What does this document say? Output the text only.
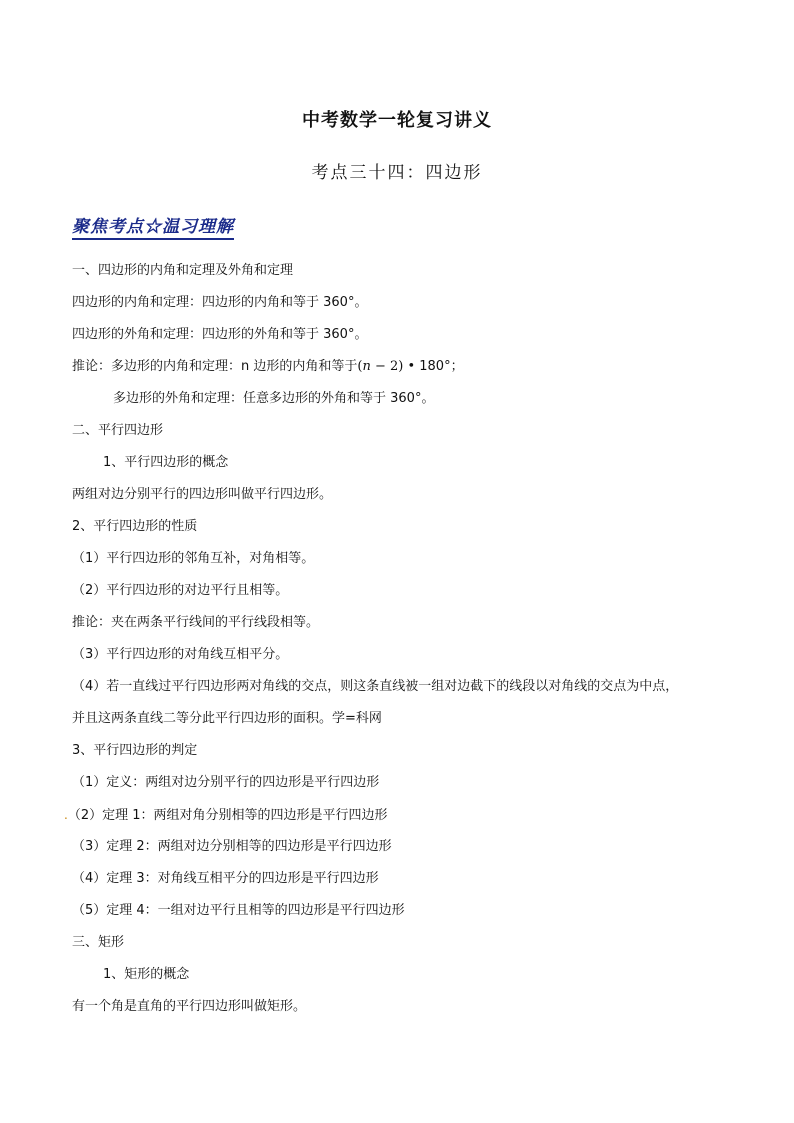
中考数学一轮复习讲义
考点三十四：四边形
聚焦考点☆温习理解
一、四边形的内角和定理及外角和定理
四边形的内角和定理：四边形的内角和等于 360°。
四边形的外角和定理：四边形的外角和等于 360°。
推论：多边形的内角和定理：n 边形的内角和等于(n − 2) • 180°；
多边形的外角和定理：任意多边形的外角和等于 360°。
二、平行四边形
1、平行四边形的概念
两组对边分别平行的四边形叫做平行四边形。
2、平行四边形的性质
（1）平行四边形的邻角互补，对角相等。
（2）平行四边形的对边平行且相等。
推论：夹在两条平行线间的平行线段相等。
（3）平行四边形的对角线互相平分。
（4）若一直线过平行四边形两对角线的交点，则这条直线被一组对边截下的线段以对角线的交点为中点，
并且这两条直线二等分此平行四边形的面积。学=科网
3、平行四边形的判定
（1）定义：两组对边分别平行的四边形是平行四边形
.（2）定理 1：两组对角分别相等的四边形是平行四边形
（3）定理 2：两组对边分别相等的四边形是平行四边形
（4）定理 3：对角线互相平分的四边形是平行四边形
（5）定理 4：一组对边平行且相等的四边形是平行四边形
三、矩形
1、矩形的概念
有一个角是直角的平行四边形叫做矩形。
